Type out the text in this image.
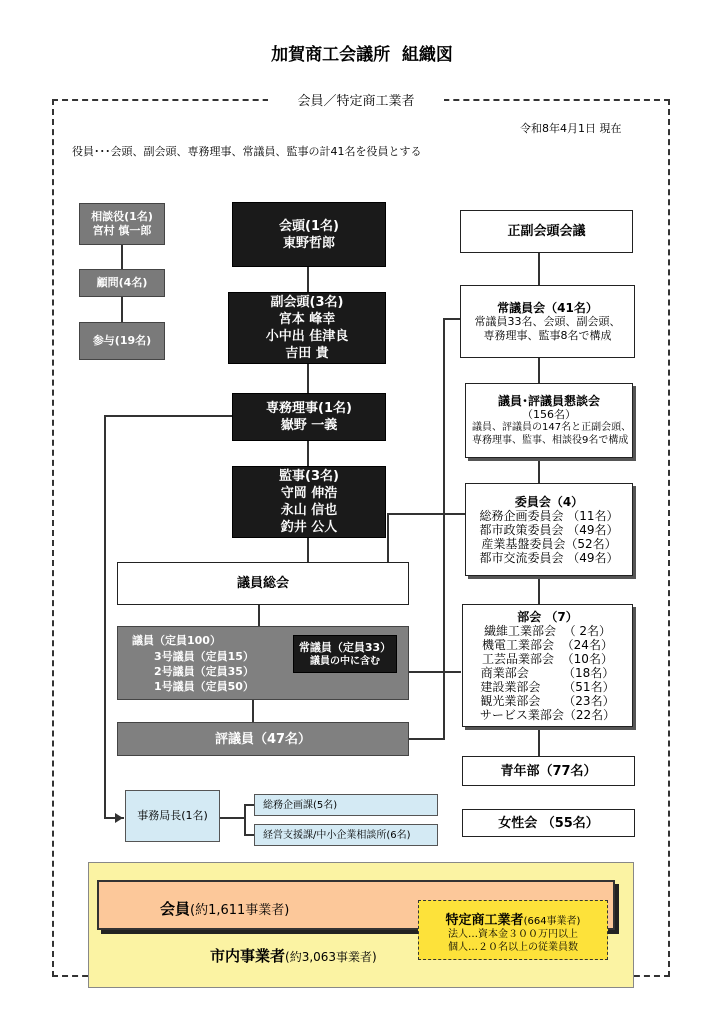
加賀商工会議所  組織図
会員／特定商工業者
令和8年4月1日 現在
役員･･･会頭、副会頭、専務理事、常議員、監事の計41名を役員とする
相談役(1名)
宮村 慎一郎
顧問(4名)
参与(19名)
会頭(1名)
東野哲郎
副会頭(3名)
宮本 峰幸
小中出 佳津良
吉田 貴
専務理事(1名)
嶽野 一義
監事(3名)
守岡 伸浩
永山 信也
釣井 公人
議員総会
議員（定員100）
3号議員（定員15）
2号議員（定員35）
1号議員（定員50）
常議員（定員33）
議員の中に含む
評議員（47名）
正副会頭会議
常議員会（41名）
常議員33名、会頭、副会頭、
専務理事、監事8名で構成
議員･評議員懇談会
（156名）
議員、評議員の147名と正副会頭、
専務理事、監事、相談役9名で構成
委員会（4）
総務企画委員会 （11名）
都市政策委員会 （49名）
産業基盤委員会（52名）
都市交流委員会 （49名）
部会 （7）
繊維工業部会  （ 2名）
機電工業部会  （24名）
工芸品業部会  （10名）
商業部会         （18名）
建設業部会      （51名）
観光業部会      （23名）
サービス業部会（22名）
青年部（77名）
女性会 （55名）
事務局長(1名)
総務企画課(5名)
経営支援課/中小企業相談所(6名)
会員(約1,611事業者)
特定商工業者(664事業者)
法人…資本金３００万円以上
個人…２０名以上の従業員数
市内事業者(約3,063事業者)
